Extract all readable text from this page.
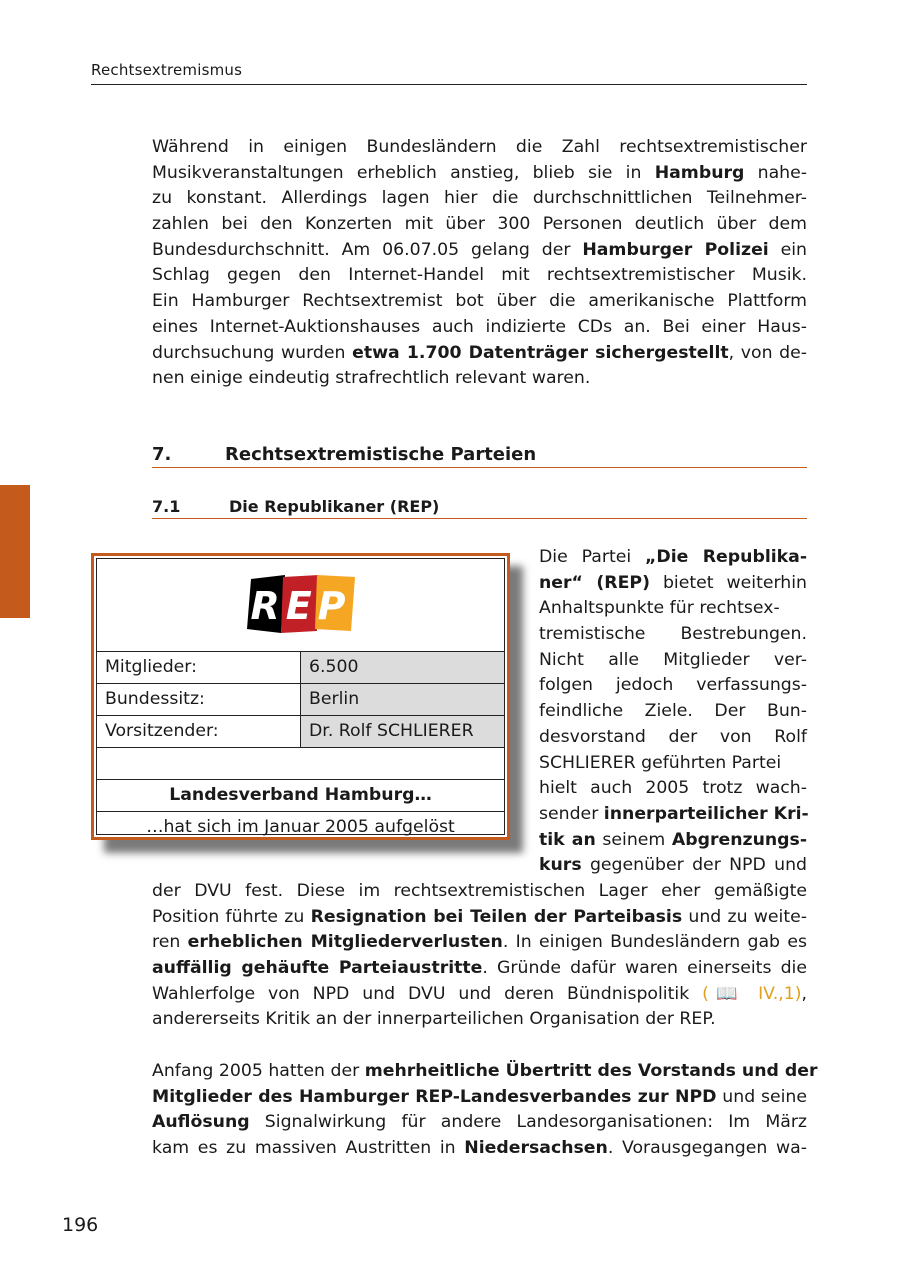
Rechtsextremismus
Während in einigen Bundesländern die Zahl rechtsextremistischer
Musikveranstaltungen erheblich anstieg, blieb sie in Hamburg nahe-
zu konstant. Allerdings lagen hier die durchschnittlichen Teilnehmer-
zahlen bei den Konzerten mit über 300 Personen deutlich über dem
Bundesdurchschnitt. Am 06.07.05 gelang der Hamburger Polizei ein
Schlag gegen den Internet-Handel mit rechtsextremistischer Musik.
Ein Hamburger Rechtsextremist bot über die amerikanische Plattform
eines Internet-Auktionshauses auch indizierte CDs an. Bei einer Haus-
durchsuchung wurden etwa 1.700 Datenträger sichergestellt, von de-
nen einige eindeutig strafrechtlich relevant waren.
7.	Rechtsextremistische Parteien
7.1	Die Republikaner (REP)
REP
Mitglieder:	6.500
Bundessitz:	Berlin
Vorsitzender:	Dr. Rolf SCHLIERER
Landesverband Hamburg…
…hat sich im Januar 2005 aufgelöst
Die Partei „Die Republika-
ner“ (REP) bietet weiterhin
Anhaltspunkte für rechtsex-
tremistische Bestrebungen.
Nicht alle Mitglieder ver-
folgen jedoch verfassungs-
feindliche Ziele. Der Bun-
desvorstand der von Rolf
SCHLIERER geführten Partei
hielt auch 2005 trotz wach-
sender innerparteilicher Kri-
tik an seinem Abgrenzungs-
kurs gegenüber der NPD und
der DVU fest. Diese im rechtsextremistischen Lager eher gemäßigte
Position führte zu Resignation bei Teilen der Parteibasis und zu weite-
ren erheblichen Mitgliederverlusten. In einigen Bundesländern gab es
auffällig gehäufte Parteiaustritte. Gründe dafür waren einerseits die
Wahlerfolge von NPD und DVU und deren Bündnispolitik (📖 IV.,1),
andererseits Kritik an der innerparteilichen Organisation der REP.
Anfang 2005 hatten der mehrheitliche Übertritt des Vorstands und der
Mitglieder des Hamburger REP-Landesverbandes zur NPD und seine
Auflösung Signalwirkung für andere Landesorganisationen: Im März
kam es zu massiven Austritten in Niedersachsen. Vorausgegangen wa-
196
